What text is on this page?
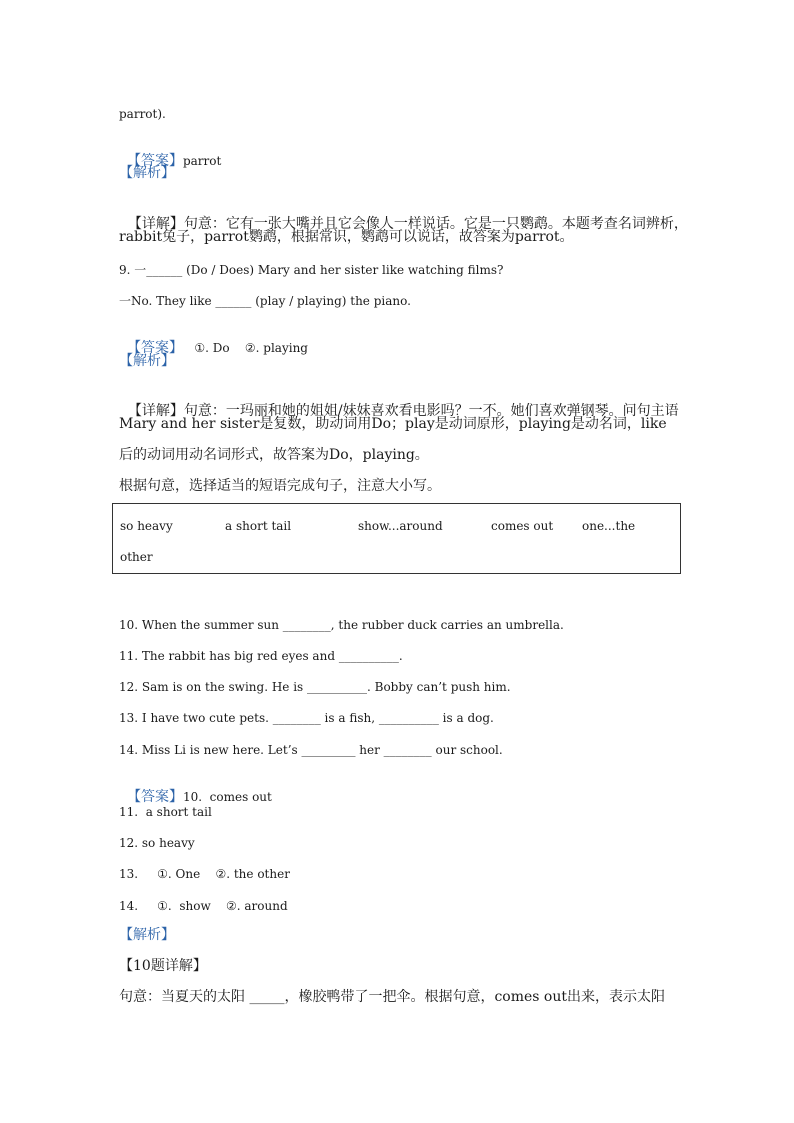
parrot).

【答案】parrot

【解析】

【详解】句意：它有一张大嘴并且它会像人一样说话。它是一只鹦鹉。本题考查名词辨析，

rabbit兔子，parrot鹦鹉，根据常识，鹦鹉可以说话，故答案为parrot。
9. 一______ (Do / Does) Mary and her sister like watching films?
一No. They like ______ (play / playing) the piano.

【答案】   ①. Do    ②. playing

【解析】

【详解】句意：一玛丽和她的姐姐/妹妹喜欢看电影吗？一不。她们喜欢弹钢琴。问句主语

Mary and her sister是复数，助动词用Do；play是动词原形，playing是动名词，like
后的动词用动名词形式，故答案为Do，playing。
根据句意，选择适当的短语完成句子，注意大小写。
so heavy	a short tail	show...around	comes out one...the
other
10. When the summer sun ________, the rubber duck carries an umbrella.
11. The rabbit has big red eyes and __________.
12. Sam is on the swing. He is __________. Bobby can’t push him.
13. I have two cute pets. ________ is a fish, __________ is a dog.
14. Miss Li is new here. Let’s _________ her ________ our school.

【答案】10.  comes out

11.  a short tail
12. so heavy
13.     ①. One    ②. the other
14.     ①.  show    ②. around
【解析】
【10题详解】
句意：当夏天的太阳 _____，橡胶鸭带了一把伞。根据句意，comes out出来，表示太阳
